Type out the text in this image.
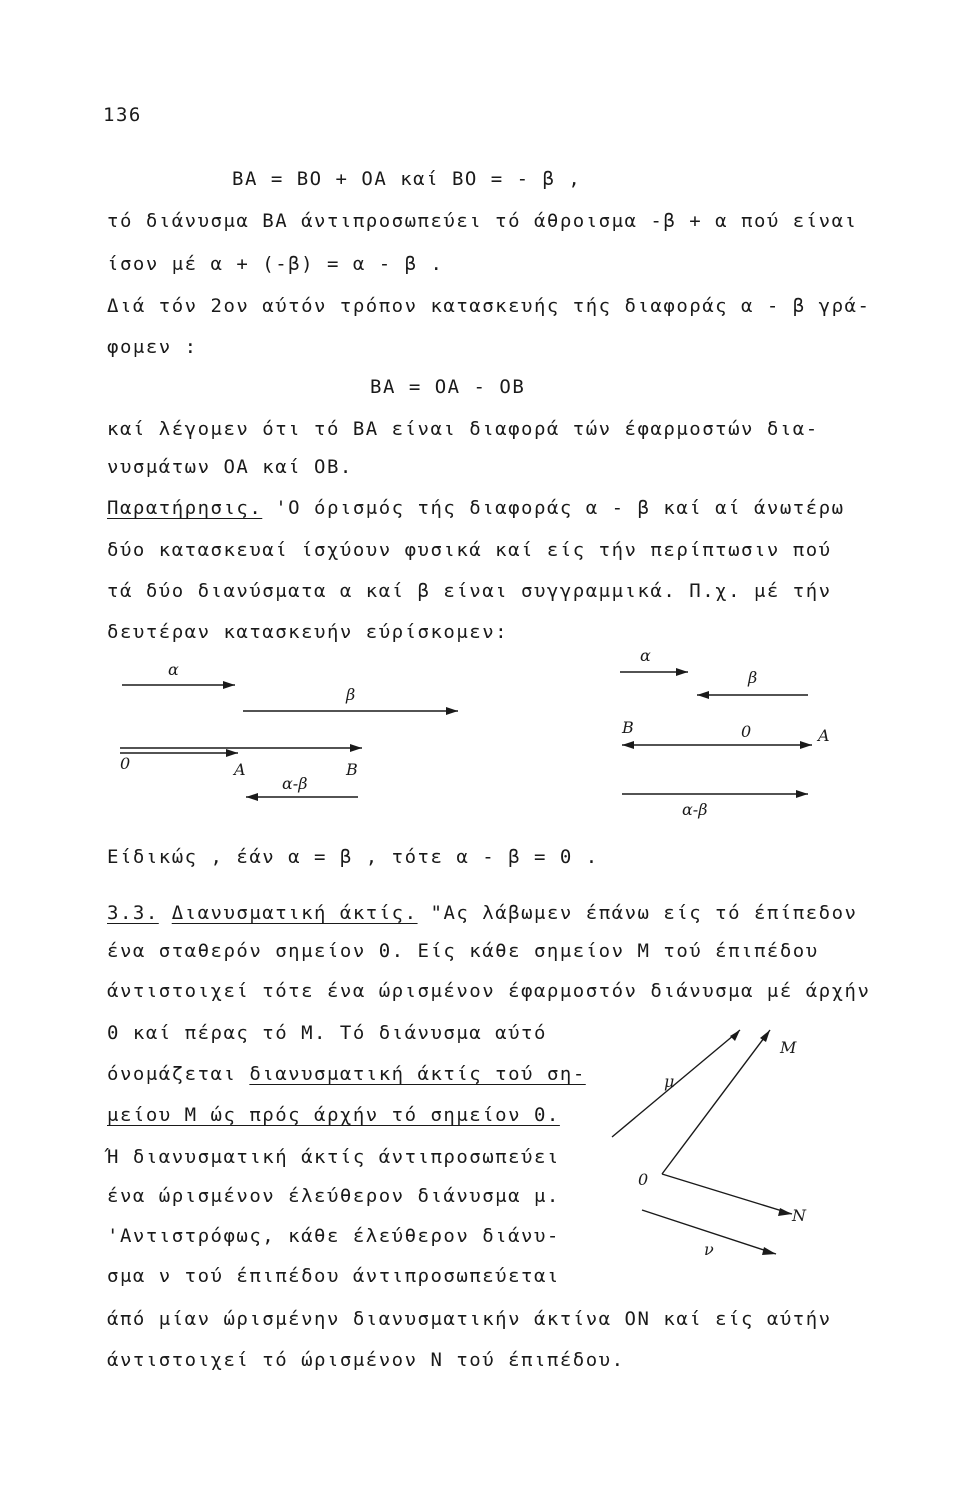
136
BA = BO + OA καί BO = - β ,
τό διάνυσμα BA άντιπροσωπεύει τό άθροισμα -β + α πού είναι
ίσον μέ α + (-β) = α - β .
Διά τόν 2ον αύτόν τρόπον κατασκευής τής διαφοράς α - β γρά-
φομεν :
BA = OA - OB
καί λέγομεν ότι τό BA είναι διαφορά τών έφαρμοστών δια-
νυσμάτων OA καί OB.
Παρατήρησις. 'Ο όρισμός τής διαφοράς α - β καί αί άνωτέρω
δύο κατασκευαί ίσχύουν φυσικά καί είς τήν περίπτωσιν πού
τά δύο διανύσματα α καί β είναι συγγραμμικά. Π.χ. μέ τήν
δευτέραν κατασκευήν εύρίσκομεν:
α
β
0	A	B
α-β
α
β
B	0	A
α-β
Είδικώς , έάν α = β , τότε α - β = 0 .
3.3. Διανυσματική άκτίς. "Ας λάβωμεν έπάνω είς τό έπίπεδον
ένα σταθερόν σημείον 0. Είς κάθε σημείον Μ τού έπιπέδου
άντιστοιχεί τότε ένα ώρισμένον έφαρμοστόν διάνυσμα μέ άρχήν
0 καί πέρας τό Μ. Τό διάνυσμα αύτό
όνομάζεται διανυσματική άκτίς τού ση-
μείου Μ ώς πρός άρχήν τό σημείον 0.
Ή διανυσματική άκτίς άντιπροσωπεύει
ένα ώρισμένον έλεύθερον διάνυσμα μ.
'Αντιστρόφως, κάθε έλεύθερον διάνυ-
σμα ν τού έπιπέδου άντιπροσωπεύεται
άπό μίαν ώρισμένην διανυσματικήν άκτίνα ON καί είς αύτήν
άντιστοιχεί τό ώρισμένον Ν τού έπιπέδου.
M
μ
0
N
ν
